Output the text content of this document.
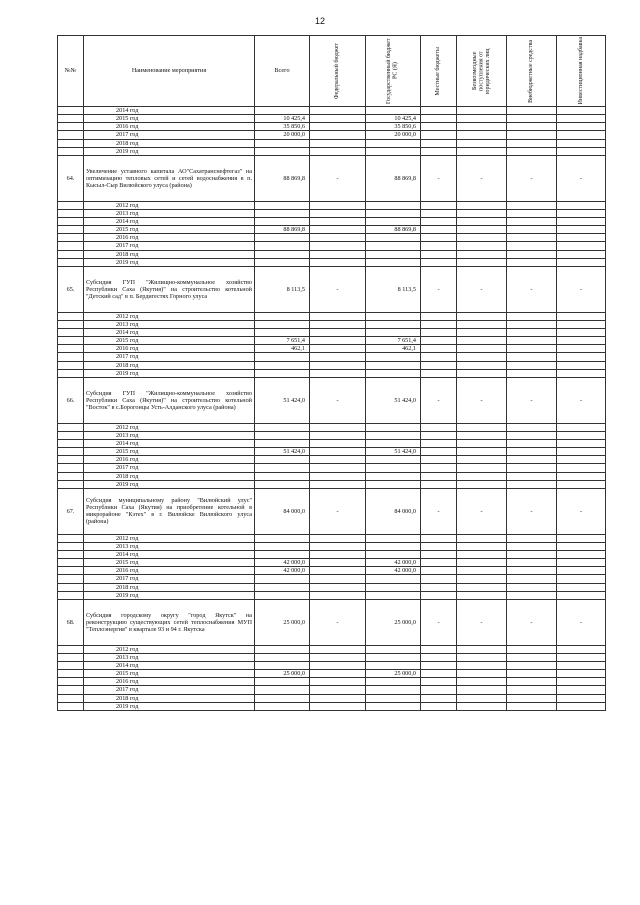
12
№№	Наименование мероприятия	Всего	Федеральный бюджет	Государственный бюджет РС (Я)	Местные бюджеты	Безвозмездные поступления от юридических лиц	Внебюджетные средства	Инвестиционная надбавка

	2014 год							
	2015 год	10 425,4		10 425,4				
	2016 год	35 850,6		35 850,6				
	2017 год	20 000,0		20 000,0				
	2018 год							
	2019 год							
64.	Увеличение уставного капитала АО"Сахатранснефтегаз" на оптимизацию тепловых сетей и сетей водоснабжения в п. Кысыл-Сыр Вилюйского улуса (района)	88 869,8	-	88 869,8	-	-	-	-
	2012 год							
	2013 год							
	2014 год							
	2015 год	88 869,8		88 869,8				
	2016 год							
	2017 год							
	2018 год							
	2019 год							
65.	Субсидия ГУП "Жилищно-коммунальное хозяйство Республики Саха (Якутия)" на строительство котельной "Детский сад" в п. Бердигестях Горного улуса	8 113,5	-	8 113,5	-	-	-	-
	2012 год							
	2013 год							
	2014 год							
	2015 год	7 651,4		7 651,4				
	2016 год	462,1		462,1				
	2017 год							
	2018 год							
	2019 год							
66.	Субсидия ГУП "Жилищно-коммунальное хозяйство Республики Саха (Якутия)" на строительство котельной "Восток" в с.Борогонцы Усть-Алданского улуса (района)	51 424,0	-	51 424,0	-	-	-	-
	2012 год							
	2013 год							
	2014 год							
	2015 год	51 424,0		51 424,0				
	2016 год							
	2017 год							
	2018 год							
	2019 год							
67.	Субсидия муниципальному району "Вилюйский улус" Республики Саха (Якутия) на приобретение котельной в микрорайоне "Кэтех" в г. Вилюйске Вилюйского улуса (района)	84 000,0	-	84 000,0	-	-	-	-
	2012 год							
	2013 год							
	2014 год							
	2015 год	42 000,0		42 000,0				
	2016 год	42 000,0		42 000,0				
	2017 год							
	2018 год							
	2019 год							
68.	Субсидия городскому округу "город Якутск" на реконструкцию существующих сетей теплоснабжения МУП "Теплоэнергия" в квартале 93 и 94 г. Якутска	25 000,0	-	25 000,0	-	-	-	-
	2012 год							
	2013 год							
	2014 год							
	2015 год	25 000,0		25 000,0				
	2016 год							
	2017 год							
	2018 год							
	2019 год							
